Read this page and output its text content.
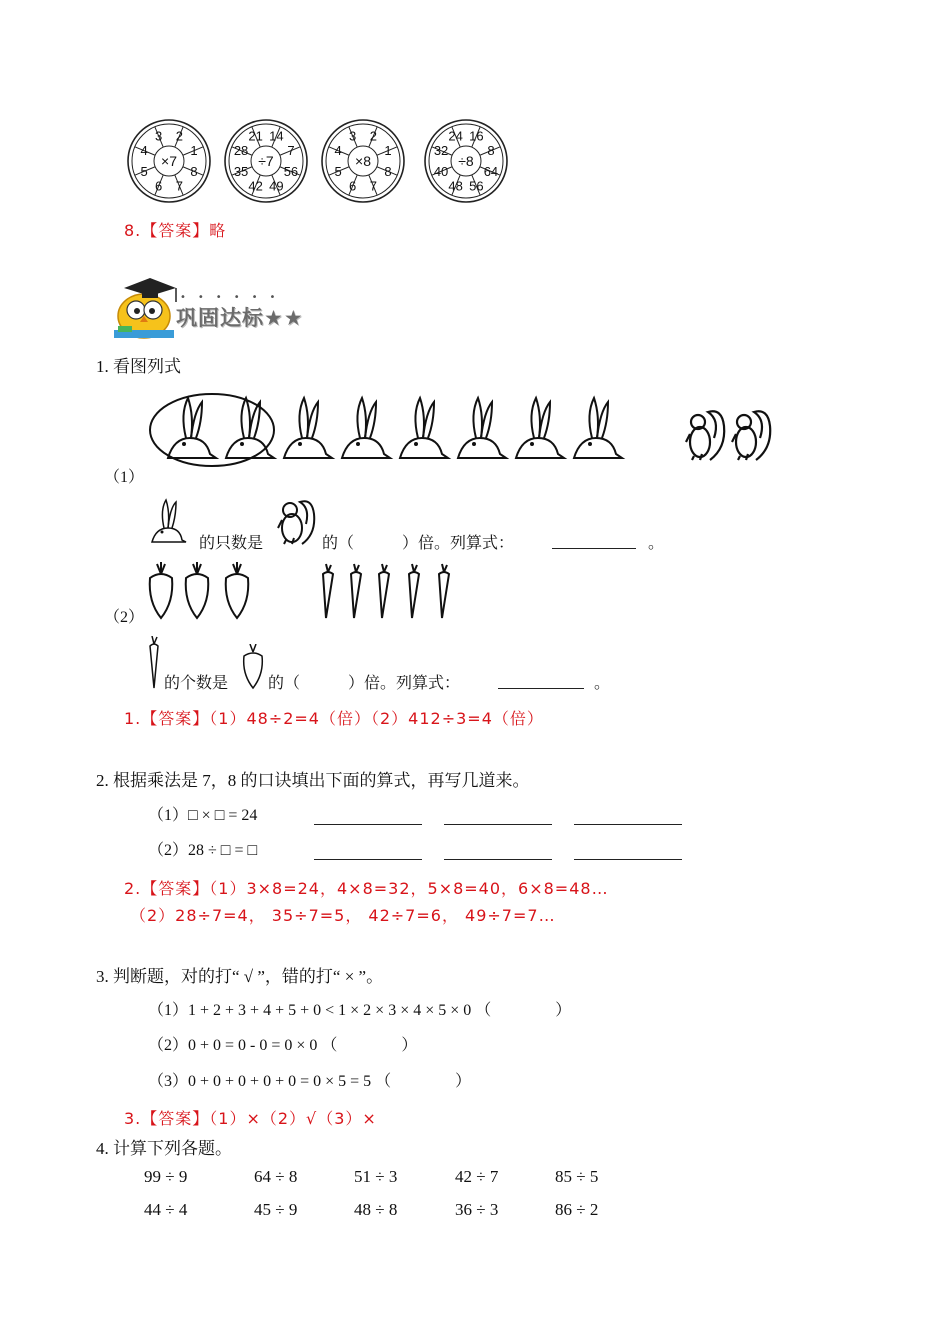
3 2
1
8
7
6
5
4
×7
21 14
7
56
49
42
35
28
÷7
3 2
1
8
7
6
5
4
×8
24 16
8
64
56
48
40
32
÷8
8.【答案】略
••••••
巩固达标★★
1. 看图列式
（1）
的只数是	的（　　　）倍。列算式：	。
（2）
的个数是 的（　　　）倍。列算式：	。
1.【答案】（1）48÷2=4（倍）（2）412÷3=4（倍）
2. 根据乘法是 7，8 的口诀填出下面的算式，再写几道来。
（1）□ × □ = 24
（2）28 ÷ □ = □
2.【答案】（1）3×8=24，4×8=32，5×8=40，6×8=48…
（2）28÷7=4， 35÷7=5， 42÷7=6， 49÷7=7…
3. 判断题，对的打“ √ ”，错的打“ × ”。
（1）1 + 2 + 3 + 4 + 5 + 0 < 1 × 2 × 3 × 4 × 5 × 0 （　　　　）
（2）0 + 0 = 0 - 0 = 0 × 0 （　　　　）
（3）0 + 0 + 0 + 0 + 0 = 0 × 5 = 5 （　　　　）
3.【答案】（1）×（2）√（3）×
4. 计算下列各题。
99 ÷ 9	64 ÷ 8	51 ÷ 3	42 ÷ 7	85 ÷ 5
44 ÷ 4	45 ÷ 9	48 ÷ 8	36 ÷ 3	86 ÷ 2
